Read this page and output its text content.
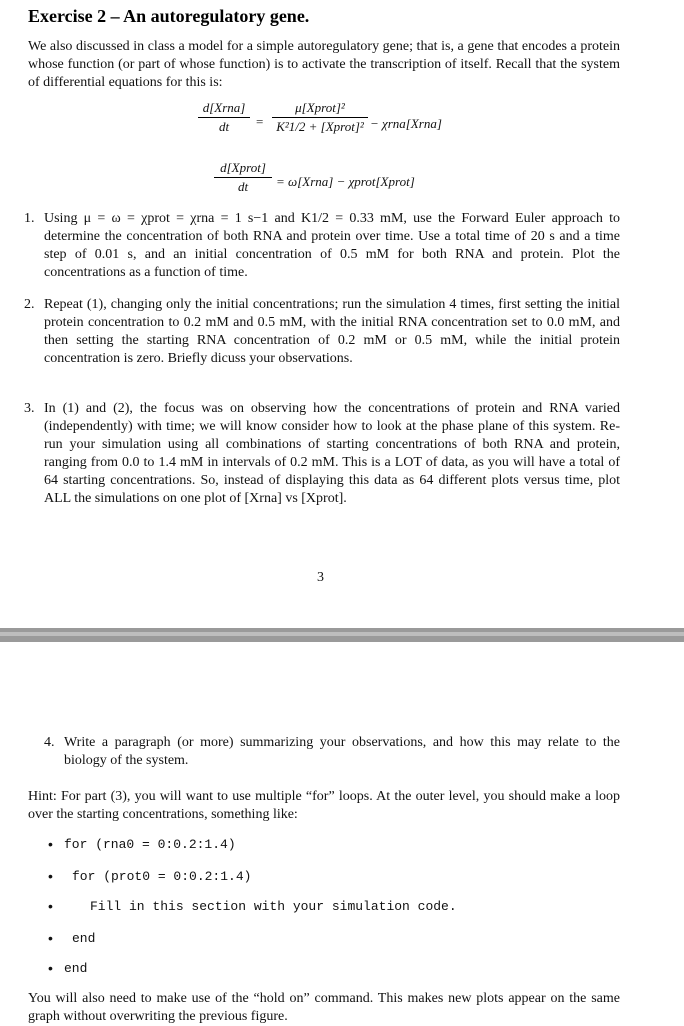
Exercise 2 – An autoregulatory gene.
We also discussed in class a model for a simple autoregulatory gene; that is, a gene that encodes a protein whose function (or part of whose function) is to activate the transcription of itself. Recall that the system of differential equations for this is:
d[Xrna]
dt	=
μ[Xprot]²
K²1/2 + [Xprot]² − χrna[Xrna]
d[Xprot]
dt	= ω[Xrna] − χprot[Xprot]
1. Using μ = ω = χprot = χrna = 1 s−1 and K1/2 = 0.33 mM, use the Forward Euler approach to determine the concentration of both RNA and protein over time. Use a total time of 20 s and a time step of 0.01 s, and an initial concentration of 0.5 mM for both RNA and protein. Plot the concentrations as a function of time.
2. Repeat (1), changing only the initial concentrations; run the simulation 4 times, first setting the initial protein concentration to 0.2 mM and 0.5 mM, with the initial RNA concentration set to 0.0 mM, and then setting the starting RNA concentration of 0.2 mM or 0.5 mM, while the initial protein concentration is zero. Briefly dicuss your observations.
3. In (1) and (2), the focus was on observing how the concentrations of protein and RNA varied (independently) with time; we will know consider how to look at the phase plane of this system. Re-run your simulation using all combinations of starting concentrations of both RNA and protein, ranging from 0.0 to 1.4 mM in intervals of 0.2 mM. This is a LOT of data, as you will have a total of 64 starting concentrations. So, instead of displaying this data as 64 different plots versus time, plot ALL the simulations on one plot of [Xrna] vs [Xprot].
3
4. Write a paragraph (or more) summarizing your observations, and how this may relate to the biology of the system.
Hint: For part (3), you will want to use multiple “for” loops. At the outer level, you should make a loop over the starting concentrations, something like:
• for (rna0 = 0:0.2:1.4)
• for (prot0 = 0:0.2:1.4)
•	Fill in this section with your simulation code.
• end
• end
You will also need to make use of the “hold on” command. This makes new plots appear on the same graph without overwriting the previous figure.
